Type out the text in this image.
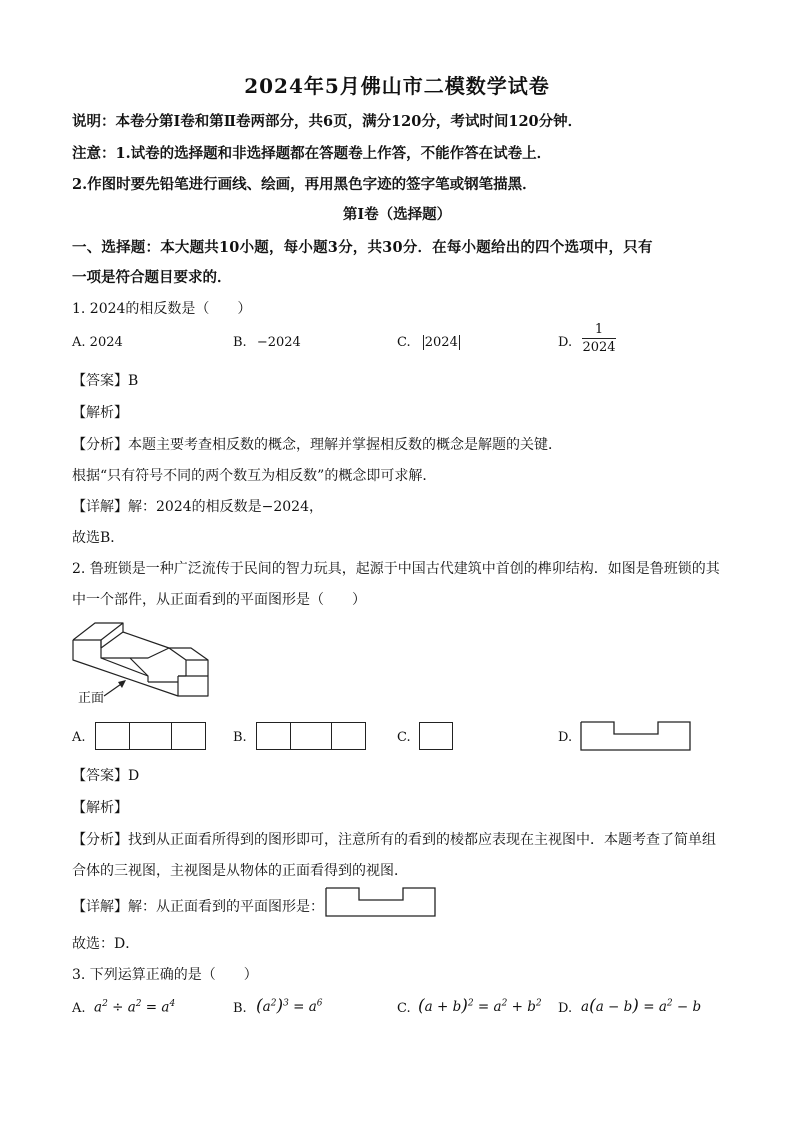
2024年5月佛山市二模数学试卷
说明：本卷分第Ⅰ卷和第Ⅱ卷两部分，共6页，满分120分，考试时间120分钟．
注意：1.试卷的选择题和非选择题都在答题卷上作答，不能作答在试卷上．
2.作图时要先铅笔进行画线、绘画，再用黑色字迹的签字笔或钢笔描黑．
第Ⅰ卷（选择题）
一、选择题：本大题共10小题，每小题3分，共30分．在每小题给出的四个选项中，只有
一项是符合题目要求的．
1. 2024的相反数是（　　）
A. 2024	B. −2024	C. 2024	D.
1
2024
【答案】B
【解析】
【分析】本题主要考查相反数的概念，理解并掌握相反数的概念是解题的关键．
根据“只有符号不同的两个数互为相反数”的概念即可求解．
【详解】解：2024的相反数是−2024，
故选B．
2. 鲁班锁是一种广泛流传于民间的智力玩具，起源于中国古代建筑中首创的榫卯结构．如图是鲁班锁的其
中一个部件，从正面看到的平面图形是（　　）
正面
A.	B.	C.	D.
【答案】D
【解析】
【分析】找到从正面看所得到的图形即可，注意所有的看到的棱都应表现在主视图中．本题考查了简单组
合体的三视图，主视图是从物体的正面看得到的视图．
【详解】解：从正面看到的平面图形是：
故选：D．
3. 下列运算正确的是（　　）
A. $a^2 \div a^2 = a^4$	B. $(a^2)^3 = a^6$	C. $(a + b)^2 = a^2 + b^2$ D. $a(a - b) = a^2 - b$
